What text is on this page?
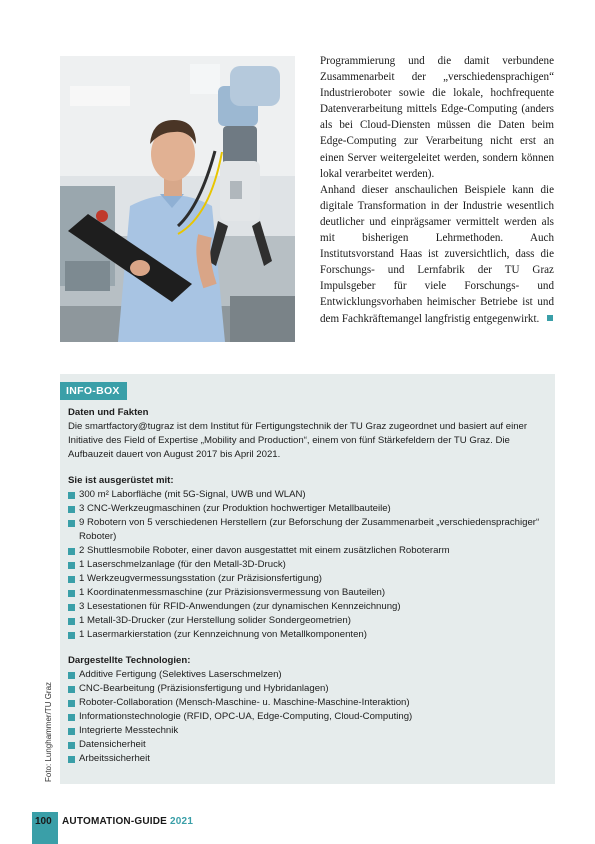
Programmierung und die damit verbundene Zusammenarbeit der „verschiedensprachigen“ Industrieroboter sowie die lokale, hochfrequente Datenverarbeitung mittels Edge-Computing (anders als bei Cloud-Diensten müssen die Daten beim Edge-Computing zur Verarbeitung nicht erst an einen Server weitergeleitet werden, sondern können lokal verarbeitet werden).

Anhand dieser anschaulichen Beispiele kann die digitale Transformation in der Industrie wesentlich deutlicher und einprägsamer vermittelt werden als mit bisherigen Lehrmethoden. Auch Institutsvorstand Haas ist zuversichtlich, dass die Forschungs- und Lernfabrik der TU Graz Impulsgeber für viele Forschungs- und Entwicklungsvorhaben heimischer Betriebe ist und dem Fachkräftemangel langfristig entgegenwirkt.

INFO-BOX

Daten und Fakten

Die smartfactory@tugraz ist dem Institut für Fertigungstechnik der TU Graz zugeordnet und basiert auf einer Initiative des Field of Expertise „Mobility and Production“, einem von fünf Stärkefeldern der TU Graz. Die Aufbauzeit dauert von August 2017 bis April 2021.

Sie ist ausgerüstet mit:

300 m² Laborfläche (mit 5G-Signal, UWB und WLAN)
3 CNC-Werkzeugmaschinen (zur Produktion hochwertiger Metallbauteile)
9 Robotern von 5 verschiedenen Herstellern (zur Beforschung der Zusammenarbeit „verschiedensprachiger“ Roboter)
2 Shuttlesmobile Roboter, einer davon ausgestattet mit einem zusätzlichen Roboterarm
1 Laserschmelzanlage (für den Metall-3D-Druck)
1 Werkzeugvermessungsstation (zur Präzisionsfertigung)
1 Koordinatenmessmaschine (zur Präzisionsvermessung von Bauteilen)
3 Lesestationen für RFID-Anwendungen (zur dynamischen Kennzeichnung)
1 Metall-3D-Drucker (zur Herstellung solider Sondergeometrien)
1 Lasermarkierstation (zur Kennzeichnung von Metallkomponenten)

Dargestellte Technologien:

Additive Fertigung (Selektives Laserschmelzen)
CNC-Bearbeitung (Präzisionsfertigung und Hybridanlagen)
Roboter-Collaboration (Mensch-Maschine- u. Maschine-Maschine-Interaktion)
Informationstechnologie (RFID, OPC-UA, Edge-Computing, Cloud-Computing)
Integrierte Messtechnik
Datensicherheit
Arbeitssicherheit
Foto: Lunghammer/TU Graz
100	AUTOMATION-GUIDE 2021
